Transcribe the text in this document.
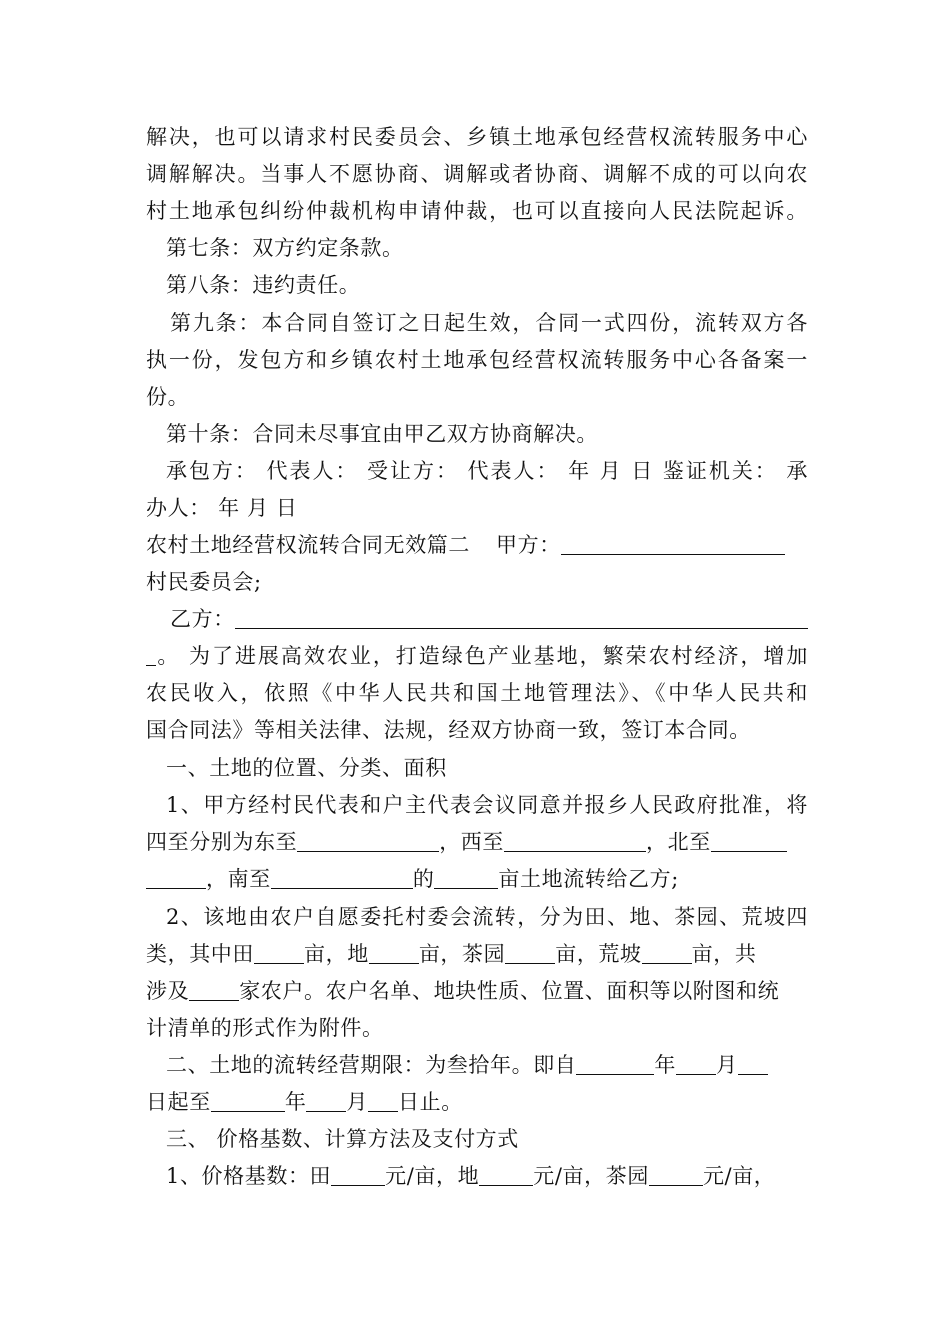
解决，也可以请求村民委员会、乡镇土地承包经营权流转服务中心
调解解决。当事人不愿协商、调解或者协商、调解不成的可以向农
村土地承包纠纷仲裁机构申请仲裁，也可以直接向人民法院起诉。
第七条：双方约定条款。
第八条：违约责任。
第九条：本合同自签订之日起生效，合同一式四份，流转双方各
执一份，发包方和乡镇农村土地承包经营权流转服务中心各备案一
份。
第十条：合同未尽事宜由甲乙双方协商解决。
承包方： 代表人： 受让方： 代表人： 年 月 日 鉴证机关： 承
办人： 年 月 日
农村土地经营权流转合同无效篇二 甲方：
村民委员会;
乙方：
。 为了进展高效农业，打造绿色产业基地，繁荣农村经济，增加
农民收入，依照《中华人民共和国土地管理法》、《中华人民共和
国合同法》等相关法律、法规，经双方协商一致，签订本合同。
一、土地的位置、分类、面积
1、甲方经村民代表和户主代表会议同意并报乡人民政府批准，将
四至分别为东至	，西至	，北至
，南至	的	亩土地流转给乙方;
2、该地由农户自愿委托村委会流转，分为田、地、茶园、荒坡四
类，其中田 亩，地 亩，茶园 亩，荒坡 亩，共
涉及 家农户。农户名单、地块性质、位置、面积等以附图和统
计清单的形式作为附件。
二、土地的流转经营期限：为叁拾年。即自	年 月
日起至	年 月 日止。
三、 价格基数、计算方法及支付方式
1、价格基数：田	元/亩，地	元/亩，茶园	元/亩，
